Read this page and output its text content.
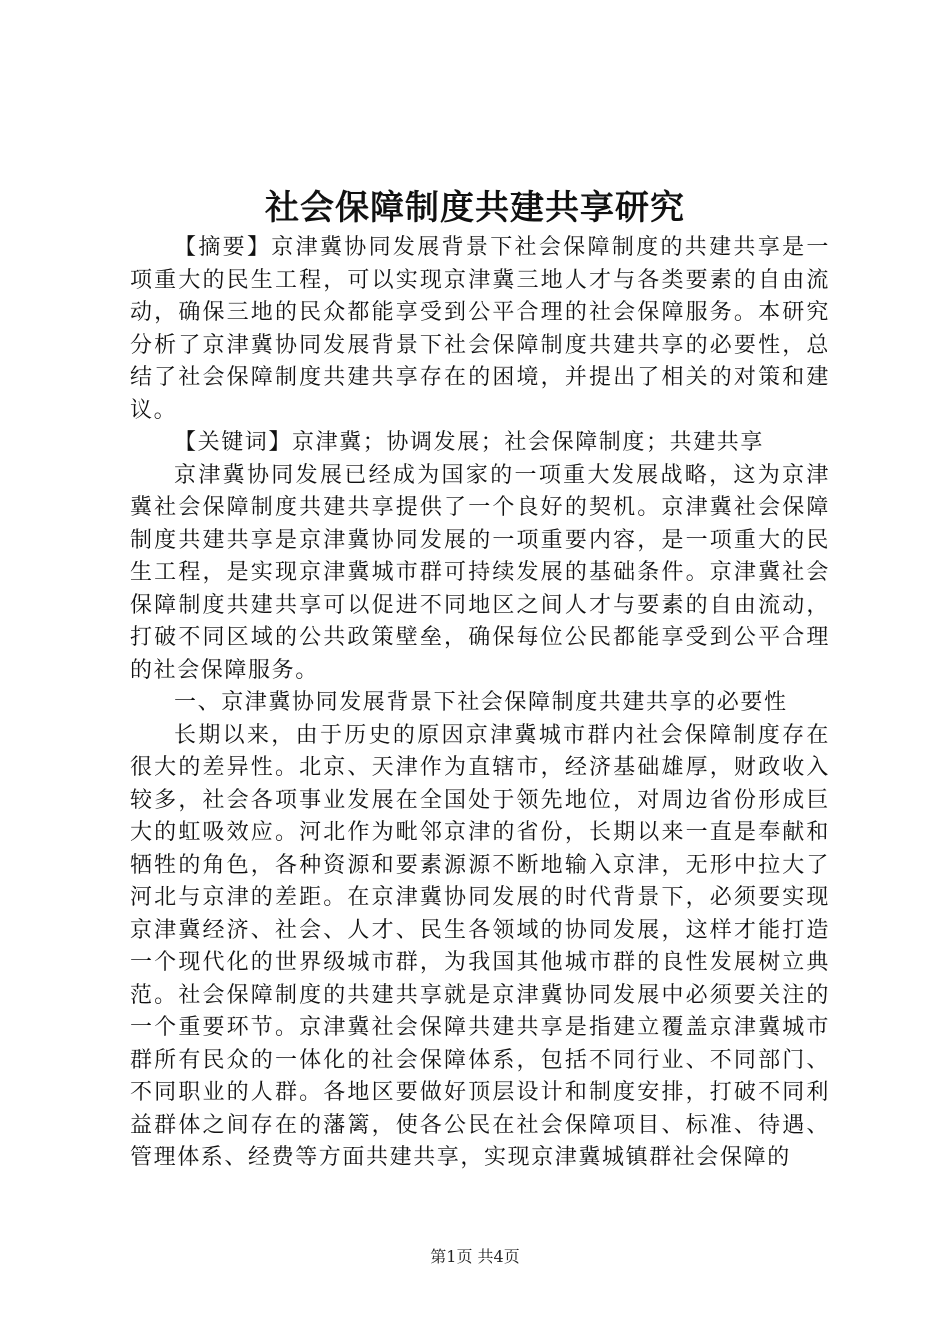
社会保障制度共建共享研究

【摘要】京津冀协同发展背景下社会保障制度的共建共享是一项重大的民生工程，可以实现京津冀三地人才与各类要素的自由流动，确保三地的民众都能享受到公平合理的社会保障服务。本研究分析了京津冀协同发展背景下社会保障制度共建共享的必要性，总结了社会保障制度共建共享存在的困境，并提出了相关的对策和建议。

【关键词】京津冀；协调发展；社会保障制度；共建共享

京津冀协同发展已经成为国家的一项重大发展战略，这为京津冀社会保障制度共建共享提供了一个良好的契机。京津冀社会保障制度共建共享是京津冀协同发展的一项重要内容，是一项重大的民生工程，是实现京津冀城市群可持续发展的基础条件。京津冀社会保障制度共建共享可以促进不同地区之间人才与要素的自由流动，打破不同区域的公共政策壁垒，确保每位公民都能享受到公平合理的社会保障服务。

一、京津冀协同发展背景下社会保障制度共建共享的必要性

长期以来，由于历史的原因京津冀城市群内社会保障制度存在很大的差异性。北京、天津作为直辖市，经济基础雄厚，财政收入较多，社会各项事业发展在全国处于领先地位，对周边省份形成巨大的虹吸效应。河北作为毗邻京津的省份，长期以来一直是奉献和牺牲的角色，各种资源和要素源源不断地输入京津，无形中拉大了河北与京津的差距。在京津冀协同发展的时代背景下，必须要实现京津冀经济、社会、人才、民生各领域的协同发展，这样才能打造一个现代化的世界级城市群，为我国其他城市群的良性发展树立典范。社会保障制度的共建共享就是京津冀协同发展中必须要关注的一个重要环节。京津冀社会保障共建共享是指建立覆盖京津冀城市群所有民众的一体化的社会保障体系，包括不同行业、不同部门、不同职业的人群。各地区要做好顶层设计和制度安排，打破不同利益群体之间存在的藩篱，使各公民在社会保障项目、标准、待遇、管理体系、经费等方面共建共享，实现京津冀城镇群社会保障的

第1页 共4页
